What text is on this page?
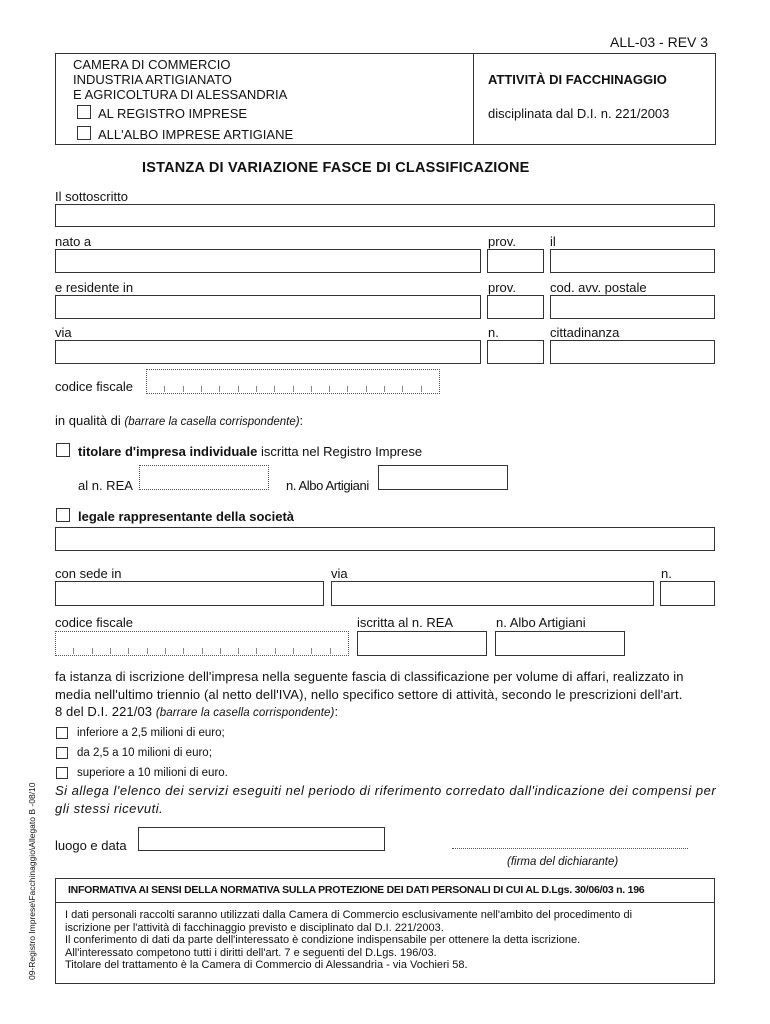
ALL-03 - REV 3
CAMERA DI COMMERCIO
INDUSTRIA ARTIGIANATO
E AGRICOLTURA DI ALESSANDRIA
AL REGISTRO IMPRESE
ALL'ALBO IMPRESE ARTIGIANE
ATTIVITÀ DI FACCHINAGGIO
disciplinata dal D.I. n. 221/2003
ISTANZA DI VARIAZIONE FASCE DI CLASSIFICAZIONE
Il sottoscritto
nato a	prov.	il
e residente in	prov.	cod. avv. postale
via	n.	cittadinanza
codice fiscale
in qualità di (barrare la casella corrispondente):
titolare d'impresa individuale iscritta nel Registro Imprese
al n. REA	n. Albo Artigiani
legale rappresentante della società
con sede in	via	n.
codice fiscale	iscritta al n. REA	n. Albo Artigiani
fa istanza di iscrizione dell'impresa nella seguente fascia di classificazione per volume di affari, realizzato in
media nell'ultimo triennio (al netto dell'IVA), nello specifico settore di attività, secondo le prescrizioni dell'art.
8 del D.I. 221/03 (barrare la casella corrispondente):
inferiore a 2,5 milioni di euro;
da 2,5 a 10 milioni di euro;
superiore a 10 milioni di euro.
Si allega l'elenco dei servizi eseguiti nel periodo di riferimento corredato dall'indicazione dei compensi per
gli stessi ricevuti.
luogo e data
(firma del dichiarante)
INFORMATIVA AI SENSI DELLA NORMATIVA SULLA PROTEZIONE DEI DATI PERSONALI DI CUI AL D.Lgs. 30/06/03 n. 196
I dati personali raccolti saranno utilizzati dalla Camera di Commercio esclusivamente nell'ambito del procedimento di
iscrizione per l'attività di facchinaggio previsto e disciplinato dal D.I. 221/2003.
Il conferimento di dati da parte dell'interessato è condizione indispensabile per ottenere la detta iscrizione.
All'interessato competono tutti i diritti dell'art. 7 e seguenti del D.Lgs. 196/03.
Titolare del trattamento è la Camera di Commercio di Alessandria - via Vochieri 58.
09-Registro Imprese\Facchinaggio\Allegato B -08/10
